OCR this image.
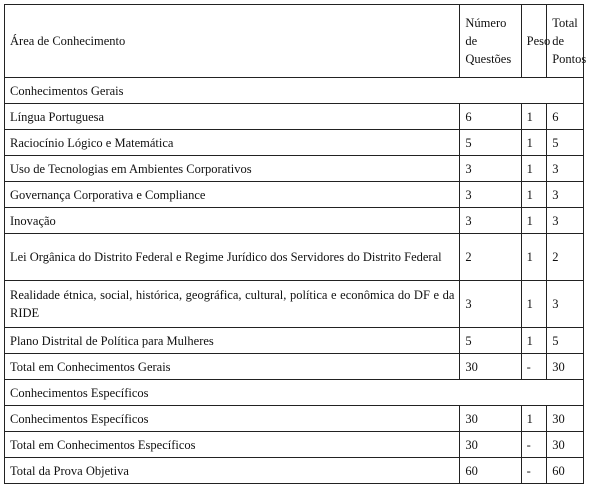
Área de Conhecimento	Número de Questões	Peso	Total de Pontos
Conhecimentos Gerais			
Língua Portuguesa	6	1	6
Raciocínio Lógico e Matemática	5	1	5
Uso de Tecnologias em Ambientes Corporativos	3	1	3
Governança Corporativa e Compliance	3	1	3
Inovação	3	1	3
Lei Orgânica do Distrito Federal e Regime Jurídico dos Servidores do Distrito Federal	2	1	2
Realidade étnica, social, histórica, geográfica, cultural, política e econômica do DF e da RIDE	3	1	3
Plano Distrital de Política para Mulheres	5	1	5
Total em Conhecimentos Gerais	30	-	30
Conhecimentos Específicos			
Conhecimentos Específicos	30	1	30
Total em Conhecimentos Específicos	30	-	30
Total da Prova Objetiva	60	-	60
